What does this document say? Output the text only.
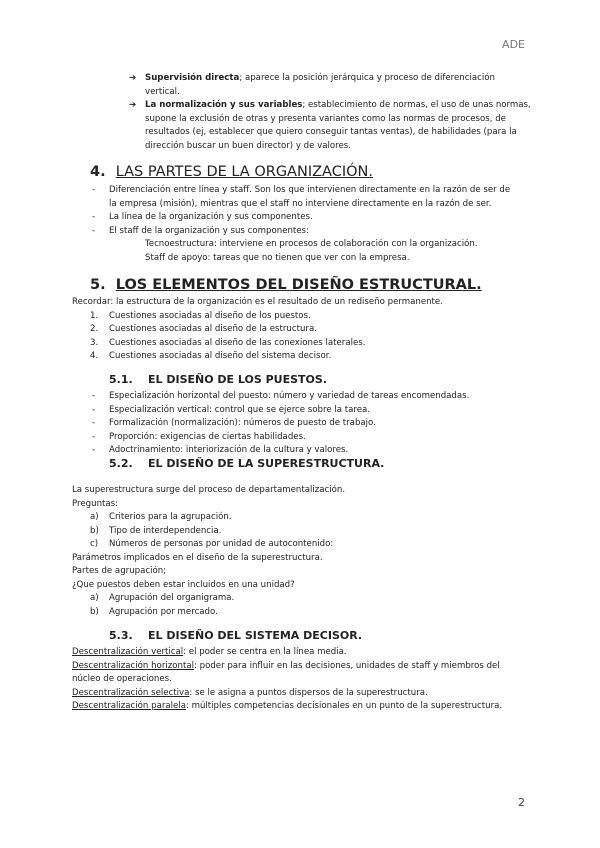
ADE
➔ Supervisión directa; aparece la posición jerárquica y proceso de diferenciación
vertical.
➔ La normalización y sus variables; establecimiento de normas, el uso de unas normas,
supone la exclusión de otras y presenta variantes como las normas de procesos, de
resultados (ej, establecer que quiero conseguir tantas ventas), de habilidades (para la
dirección buscar un buen director) y de valores.
4. LAS PARTES DE LA ORGANIZACIÓN.
- Diferenciación entre línea y staff. Son los que intervienen directamente en la razón de ser de
la empresa (misión), mientras que el staff no interviene directamente en la razón de ser.
- La línea de la organización y sus componentes.
- El staff de la organización y sus componentes:
Tecnoestructura: interviene en procesos de colaboración con la organización.
Staff de apoyo: tareas que no tienen que ver con la empresa.
5. LOS ELEMENTOS DEL DISEÑO ESTRUCTURAL.
Recordar: la estructura de la organización es el resultado de un rediseño permanente.
1. Cuestiones asociadas al diseño de los puestos.
2. Cuestiones asociadas al diseño de la estructura.
3. Cuestiones asociadas al diseño de las conexiones laterales.
4. Cuestiones asociadas al diseño del sistema decisor.
5.1. EL DISEÑO DE LOS PUESTOS.
- Especialización horizontal del puesto: número y variedad de tareas encomendadas.
- Especialización vertical: control que se ejerce sobre la tarea.
- Formalización (normalización): números de puesto de trabajo.
- Proporción: exigencias de ciertas habilidades.
- Adoctrinamiento: interiorización de la cultura y valores.
5.2. EL DISEÑO DE LA SUPERESTRUCTURA.
La superestructura surge del proceso de departamentalización.
Preguntas:
a) Criterios para la agrupación.
b) Tipo de interdependencia.
c) Números de personas por unidad de autocontenido:
Parámetros implicados en el diseño de la superestructura.
Partes de agrupación;
¿Que puestos deben estar incluidos en una unidad?
a) Agrupación del organigrama.
b) Agrupación por mercado.
5.3. EL DISEÑO DEL SISTEMA DECISOR.
Descentralización vertical: el poder se centra en la línea media.
Descentralización horizontal: poder para influir en las decisiones, unidades de staff y miembros del
núcleo de operaciones.
Descentralización selectiva: se le asigna a puntos dispersos de la superestructura.
Descentralización paralela: múltiples competencias decisionales en un punto de la superestructura.
2
